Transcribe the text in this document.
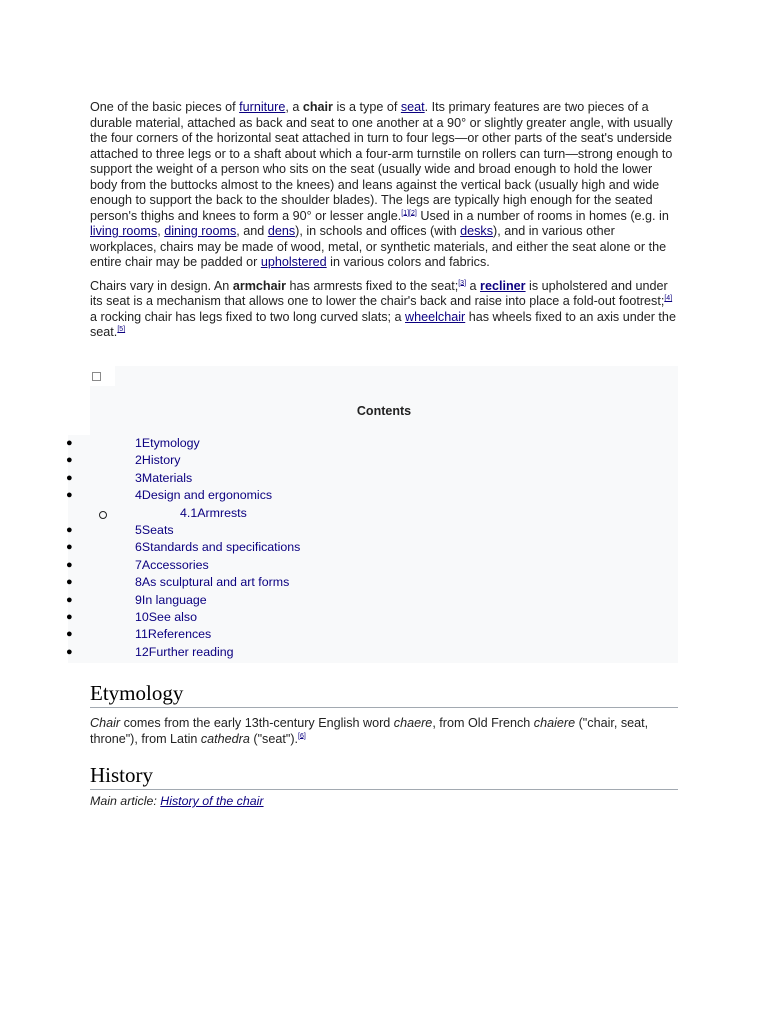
One of the basic pieces of furniture, a chair is a type of seat. Its primary features are two pieces of a durable material, attached as back and seat to one another at a 90° or slightly greater angle, with usually the four corners of the horizontal seat attached in turn to four legs—or other parts of the seat's underside attached to three legs or to a shaft about which a four-arm turnstile on rollers can turn—strong enough to support the weight of a person who sits on the seat (usually wide and broad enough to hold the lower body from the buttocks almost to the knees) and leans against the vertical back (usually high and wide enough to support the back to the shoulder blades). The legs are typically high enough for the seated person's thighs and knees to form a 90° or lesser angle.[1][2] Used in a number of rooms in homes (e.g. in living rooms, dining rooms, and dens), in schools and offices (with desks), and in various other workplaces, chairs may be made of wood, metal, or synthetic materials, and either the seat alone or the entire chair may be padded or upholstered in various colors and fabrics.

Chairs vary in design. An armchair has armrests fixed to the seat;[3] a recliner is upholstered and under its seat is a mechanism that allows one to lower the chair's back and raise into place a fold-out footrest;[4] a rocking chair has legs fixed to two long curved slats; a wheelchair has wheels fixed to an axis under the seat.[5]

Contents
●	1Etymology
●	2History
●	3Materials
●	4Design and ergonomics
4.1Armrests
●	5Seats
●	6Standards and specifications
●	7Accessories
●	8As sculptural and art forms
●	9In language
●	10See also
●	11References
●	12Further reading
Etymology

Chair comes from the early 13th-century English word chaere, from Old French chaiere ("chair, seat, throne"), from Latin cathedra ("seat").[6]

History
Main article: History of the chair
